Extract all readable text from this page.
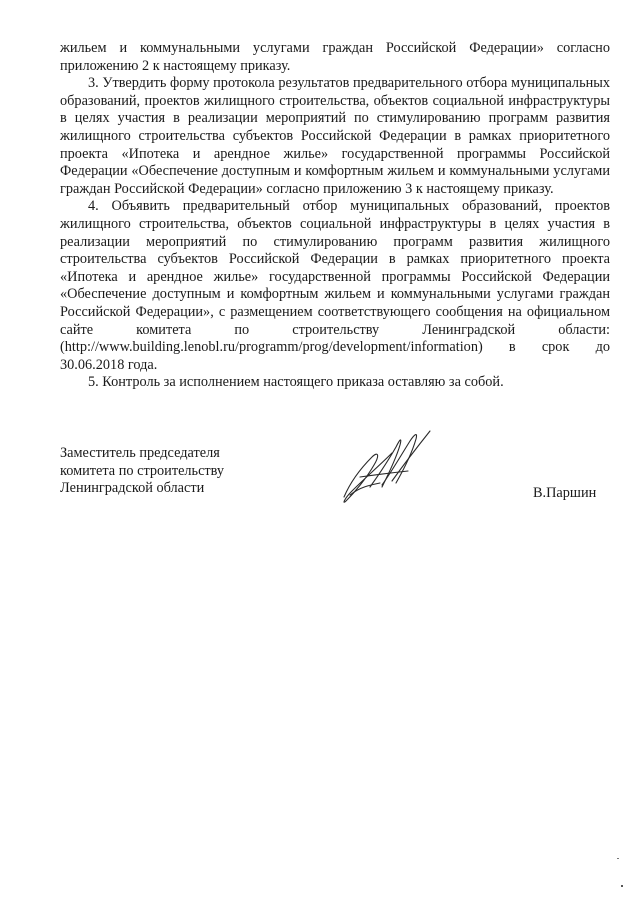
жильем и коммунальными услугами граждан Российской Федерации» согласно приложению 2 к настоящему приказу.

3. Утвердить форму протокола результатов предварительного отбора муниципальных образований, проектов жилищного строительства, объектов социальной инфраструктуры в целях участия в реализации мероприятий по стимулированию программ развития жилищного строительства субъектов Российской Федерации в рамках приоритетного проекта «Ипотека и арендное жилье» государственной программы Российской Федерации «Обеспечение доступным и комфортным жильем и коммунальными услугами граждан Российской Федерации» согласно приложению 3 к настоящему приказу.

4. Объявить предварительный отбор муниципальных образований, проектов жилищного строительства, объектов социальной инфраструктуры в целях участия в реализации мероприятий по стимулированию программ развития жилищного строительства субъектов Российской Федерации в рамках приоритетного проекта «Ипотека и арендное жилье» государственной программы Российской Федерации «Обеспечение доступным и комфортным жильем и коммунальными услугами граждан Российской Федерации», с размещением соответствующего сообщения на официальном сайте комитета по строительству Ленинградской области: (http://www.building.lenobl.ru/programm/prog/development/information) в срок до 30.06.2018 года.

5. Контроль за исполнением настоящего приказа оставляю за собой.

Заместитель председателя
комитета по строительству
Ленинградской области	В.Паршин
